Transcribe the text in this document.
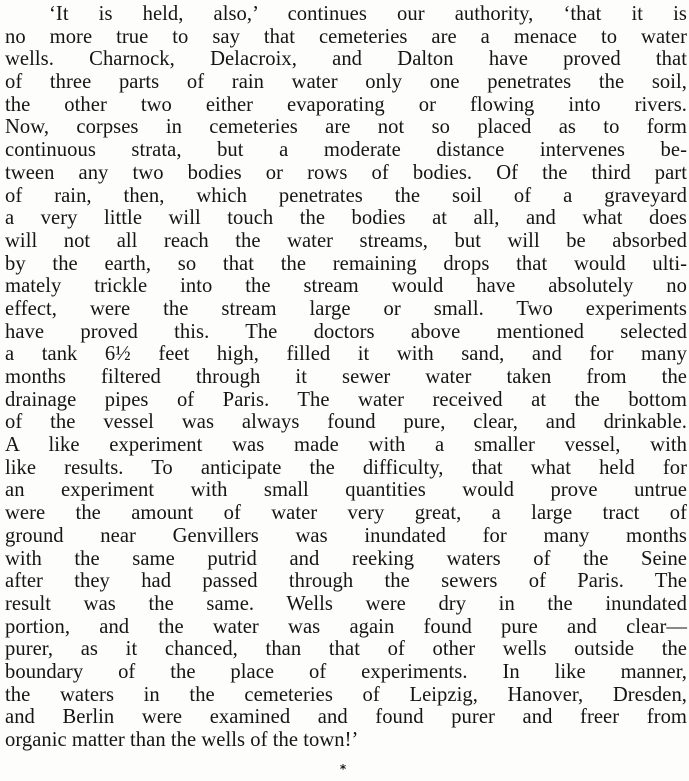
‘It is held, also,’ continues our authority, ‘that it is
no more true to say that cemeteries are a menace to water
wells. Charnock, Delacroix, and Dalton have proved that
of three parts of rain water only one penetrates the soil,
the other two either evaporating or flowing into rivers.
Now, corpses in cemeteries are not so placed as to form
continuous strata, but a moderate distance intervenes be-
tween any two bodies or rows of bodies. Of the third part
of rain, then, which penetrates the soil of a graveyard
a very little will touch the bodies at all, and what does
will not all reach the water streams, but will be absorbed
by the earth, so that the remaining drops that would ulti-
mately trickle into the stream would have absolutely no
effect, were the stream large or small. Two experiments
have proved this. The doctors above mentioned selected
a tank 6½ feet high, filled it with sand, and for many
months filtered through it sewer water taken from the
drainage pipes of Paris. The water received at the bottom
of the vessel was always found pure, clear, and drinkable.
A like experiment was made with a smaller vessel, with
like results. To anticipate the difficulty, that what held for
an experiment with small quantities would prove untrue
were the amount of water very great, a large tract of
ground near Genvillers was inundated for many months
with the same putrid and reeking waters of the Seine
after they had passed through the sewers of Paris. The
result was the same. Wells were dry in the inundated
portion, and the water was again found pure and clear—
purer, as it chanced, than that of other wells outside the
boundary of the place of experiments. In like manner,
the waters in the cemeteries of Leipzig, Hanover, Dresden,
and Berlin were examined and found purer and freer from
organic matter than the wells of the town!’
*
